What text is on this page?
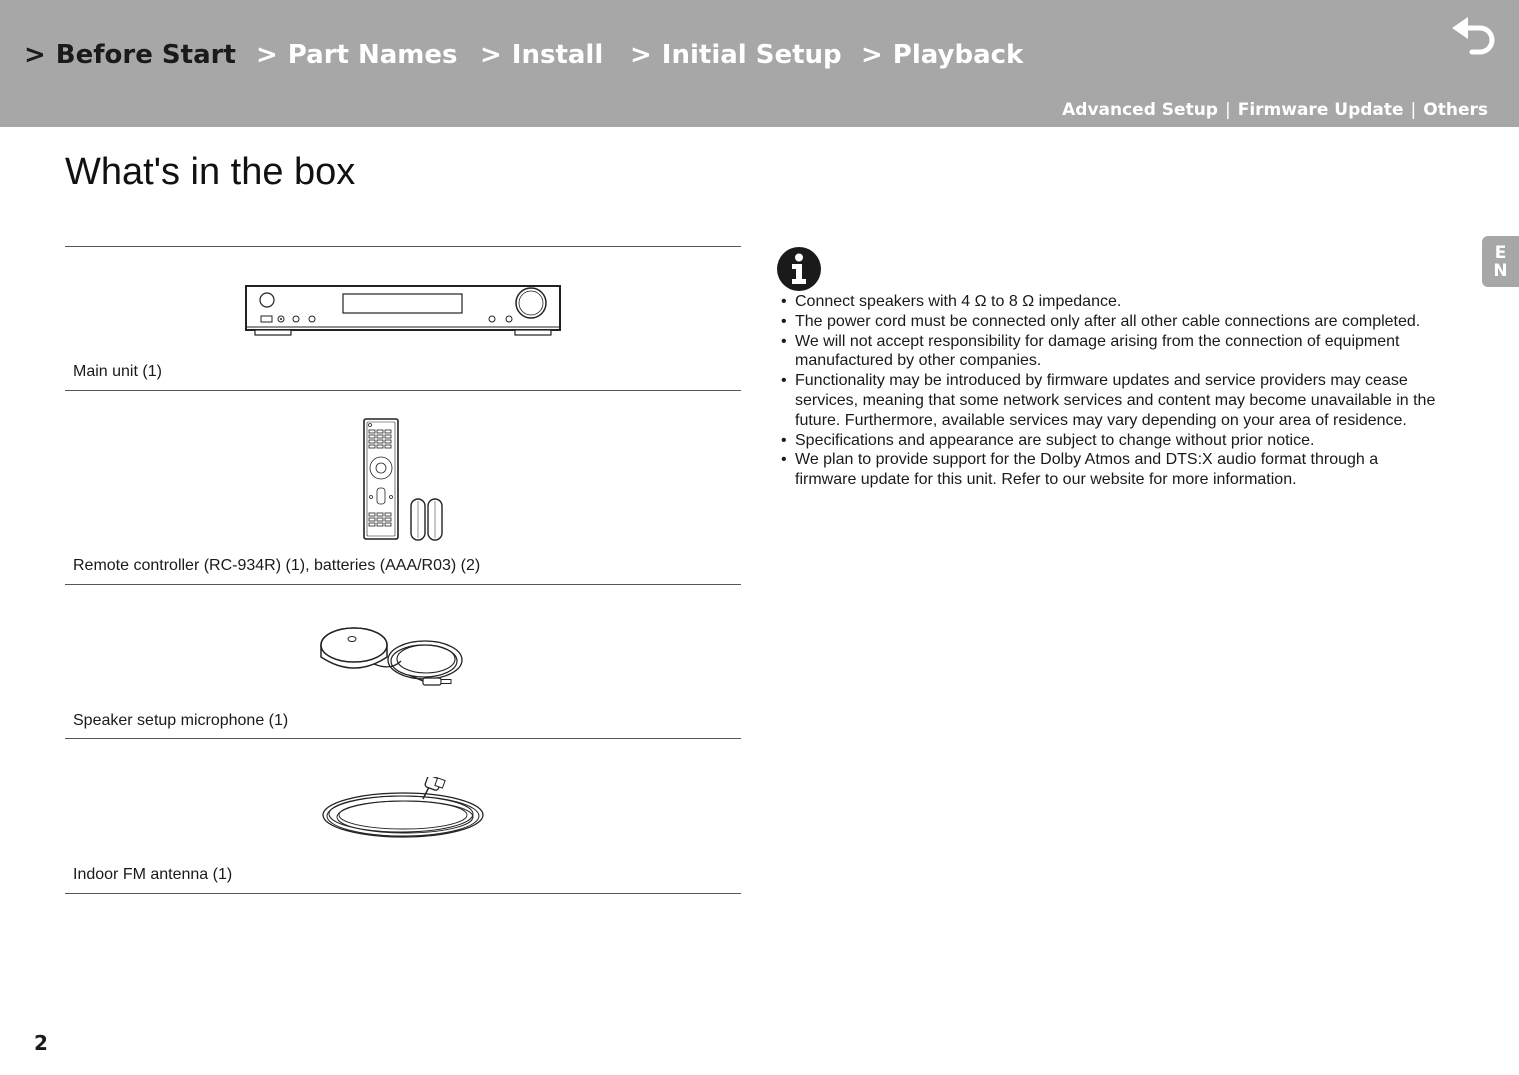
> Before Start > Part Names > Install > Initial Setup > Playback
Advanced Setup | Firmware Update | Others
What's in the box
E
N
Main unit (1)
Remote controller (RC-934R) (1), batteries (AAA/R03) (2)
Speaker setup microphone (1)
Indoor FM antenna (1)
• Connect speakers with 4 Ω to 8 Ω impedance.
• The power cord must be connected only after all other cable connections are completed.
• We will not accept responsibility for damage arising from the connection of equipment manufactured by other companies.
• Functionality may be introduced by firmware updates and service providers may cease services, meaning that some network services and content may become unavailable in the future. Furthermore, available services may vary depending on your area of residence.
• Specifications and appearance are subject to change without prior notice.
• We plan to provide support for the Dolby Atmos and DTS:X audio format through a firmware update for this unit. Refer to our website for more information.
2
